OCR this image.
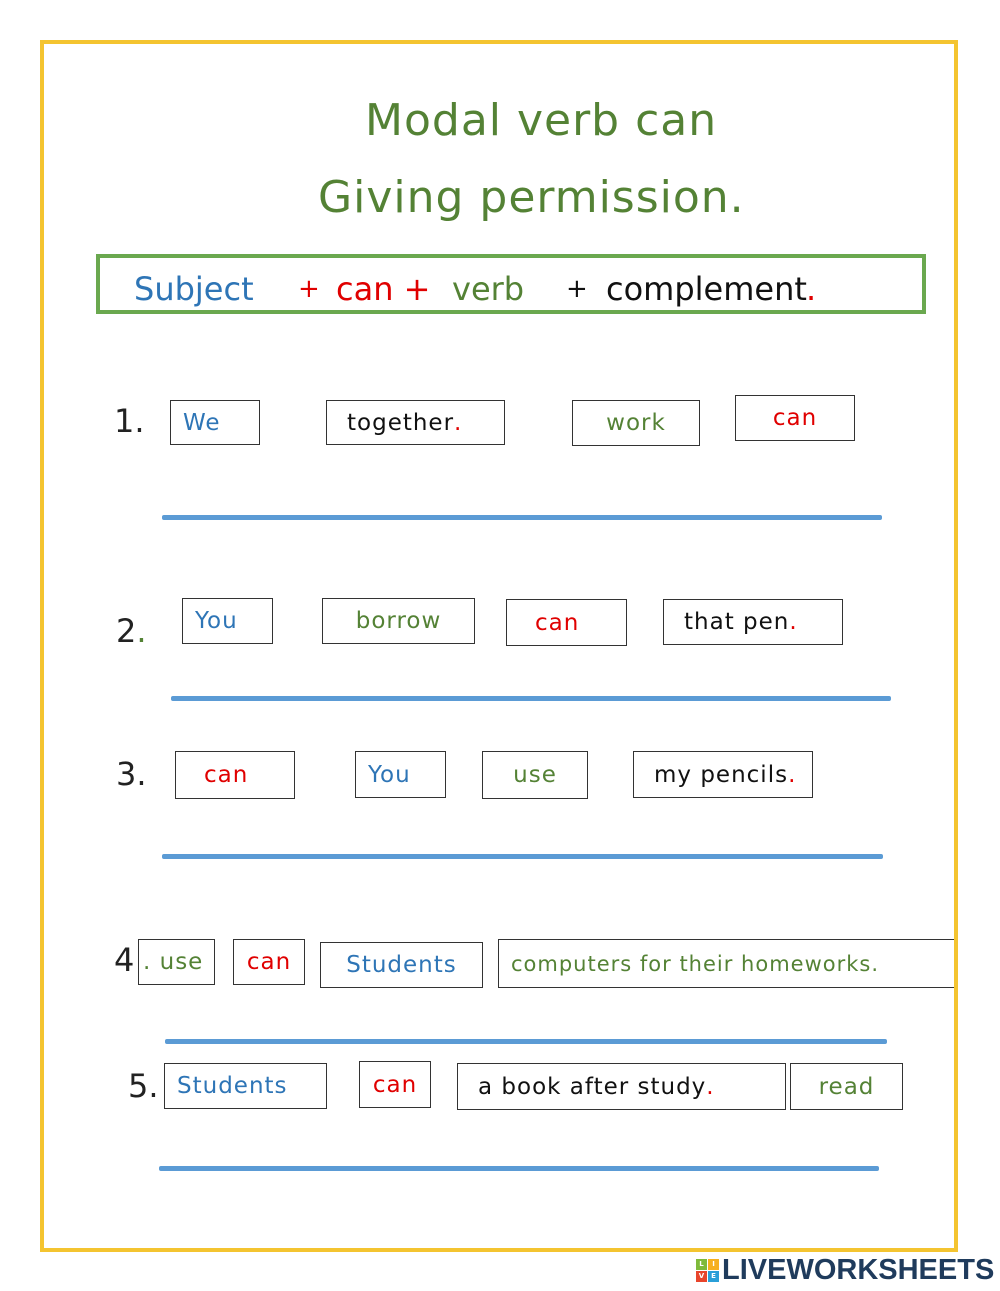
Modal verb can
Giving permission.
Subject + can + verb + complement .
1. We	together .	work	can
2. You	borrow	can	that pen .
3. can	You	use	my pencils .
4 . use can Students	computers for their homeworks.
5. Students	can	a book after study .	read
L	I
V E LIVEWORKSHEETS
